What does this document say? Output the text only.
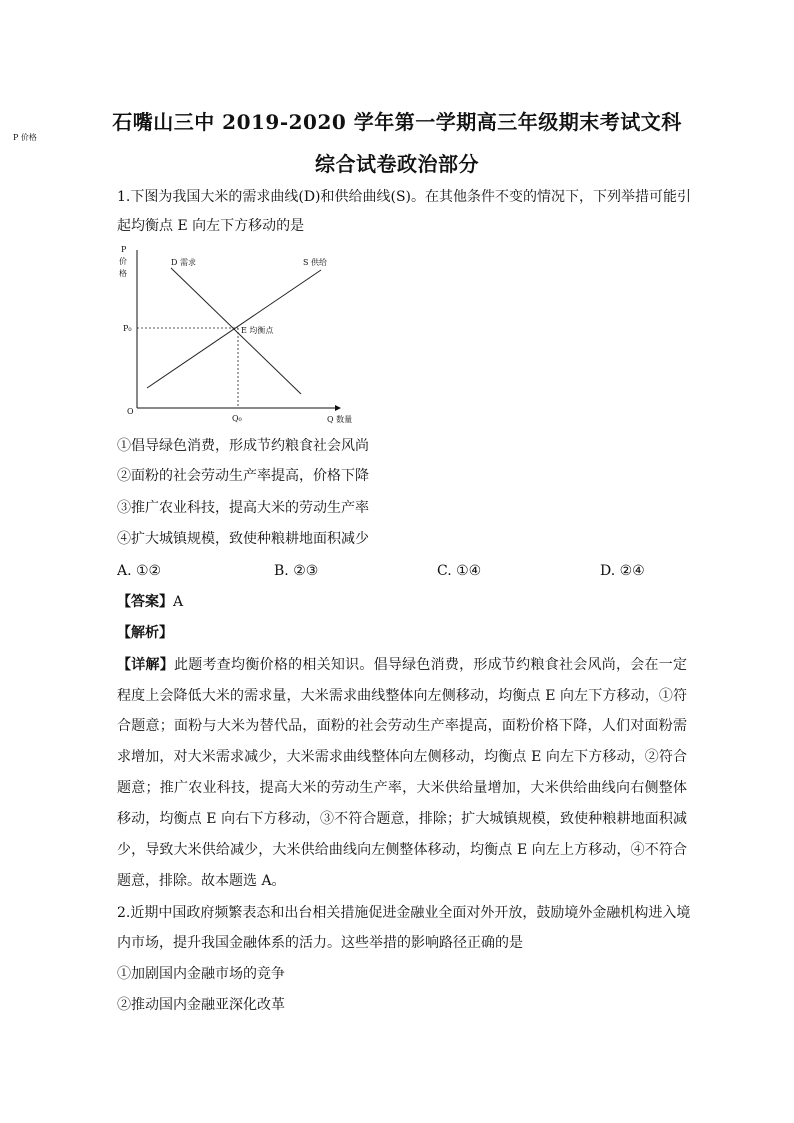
石嘴山三中 2019-2020 学年第一学期高三年级期末考试文科
综合试卷政治部分
1.下图为我国大米的需求曲线(D)和供给曲线(S)。在其他条件不变的情况下，下列举措可能引
起均衡点 E 向左下方移动的是
P
价
格
P 价格
Q 数量
O
D 需求	S 供给
E 均衡点
P₀
Q₀
①倡导绿色消费，形成节约粮食社会风尚
②面粉的社会劳动生产率提高，价格下降
③推广农业科技，提高大米的劳动生产率
④扩大城镇规模，致使种粮耕地面积减少
A. ①②	B. ②③	C. ①④	D. ②④
【答案】A
【解析】
【详解】此题考查均衡价格的相关知识。倡导绿色消费，形成节约粮食社会风尚，会在一定
程度上会降低大米的需求量，大米需求曲线整体向左侧移动，均衡点 E 向左下方移动，①符
合题意；面粉与大米为替代品，面粉的社会劳动生产率提高，面粉价格下降，人们对面粉需
求增加，对大米需求减少，大米需求曲线整体向左侧移动，均衡点 E 向左下方移动，②符合
题意；推广农业科技，提高大米的劳动生产率，大米供给量增加，大米供给曲线向右侧整体
移动，均衡点 E 向右下方移动，③不符合题意，排除；扩大城镇规模，致使种粮耕地面积减
少，导致大米供给减少，大米供给曲线向左侧整体移动，均衡点 E 向左上方移动，④不符合
题意，排除。故本题选 A。
2.近期中国政府频繁表态和出台相关措施促进金融业全面对外开放，鼓励境外金融机构进入境
内市场，提升我国金融体系的活力。这些举措的影响路径正确的是
①加剧国内金融市场的竞争
②推动国内金融亚深化改革
